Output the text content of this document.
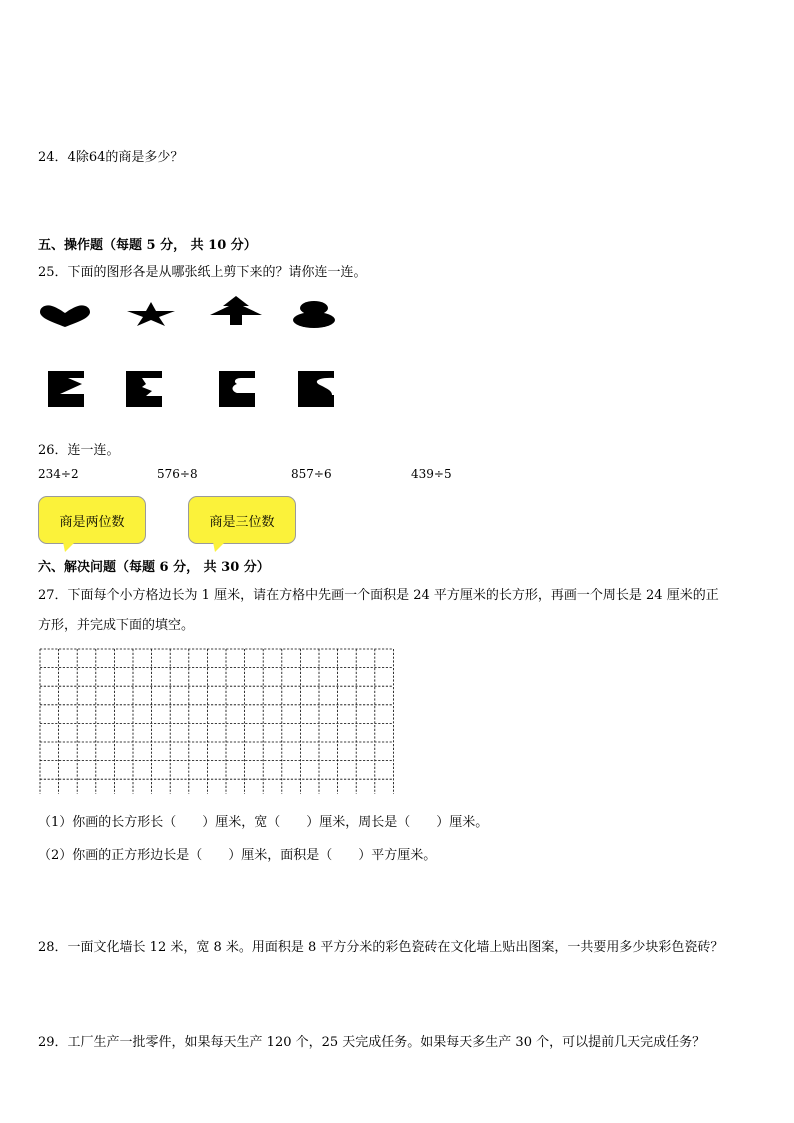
24．4除64的商是多少？
五、操作题（每题 5 分， 共 10 分）
25．下面的图形各是从哪张纸上剪下来的？请你连一连。
26．连一连。
234÷2	576÷8	857÷6	439÷5
商是两位数	商是三位数
六、解决问题（每题 6 分， 共 30 分）
27．下面每个小方格边长为 1 厘米，请在方格中先画一个面积是 24 平方厘米的长方形，再画一个周长是 24 厘米的正
方形，并完成下面的填空。
（1）你画的长方形长（　　）厘米，宽（　　）厘米，周长是（　　）厘米。
（2）你画的正方形边长是（　　）厘米，面积是（　　）平方厘米。
28．一面文化墙长 12 米，宽 8 米。用面积是 8 平方分米的彩色瓷砖在文化墙上贴出图案，一共要用多少块彩色瓷砖？
29．工厂生产一批零件，如果每天生产 120 个，25 天完成任务。如果每天多生产 30 个，可以提前几天完成任务？
